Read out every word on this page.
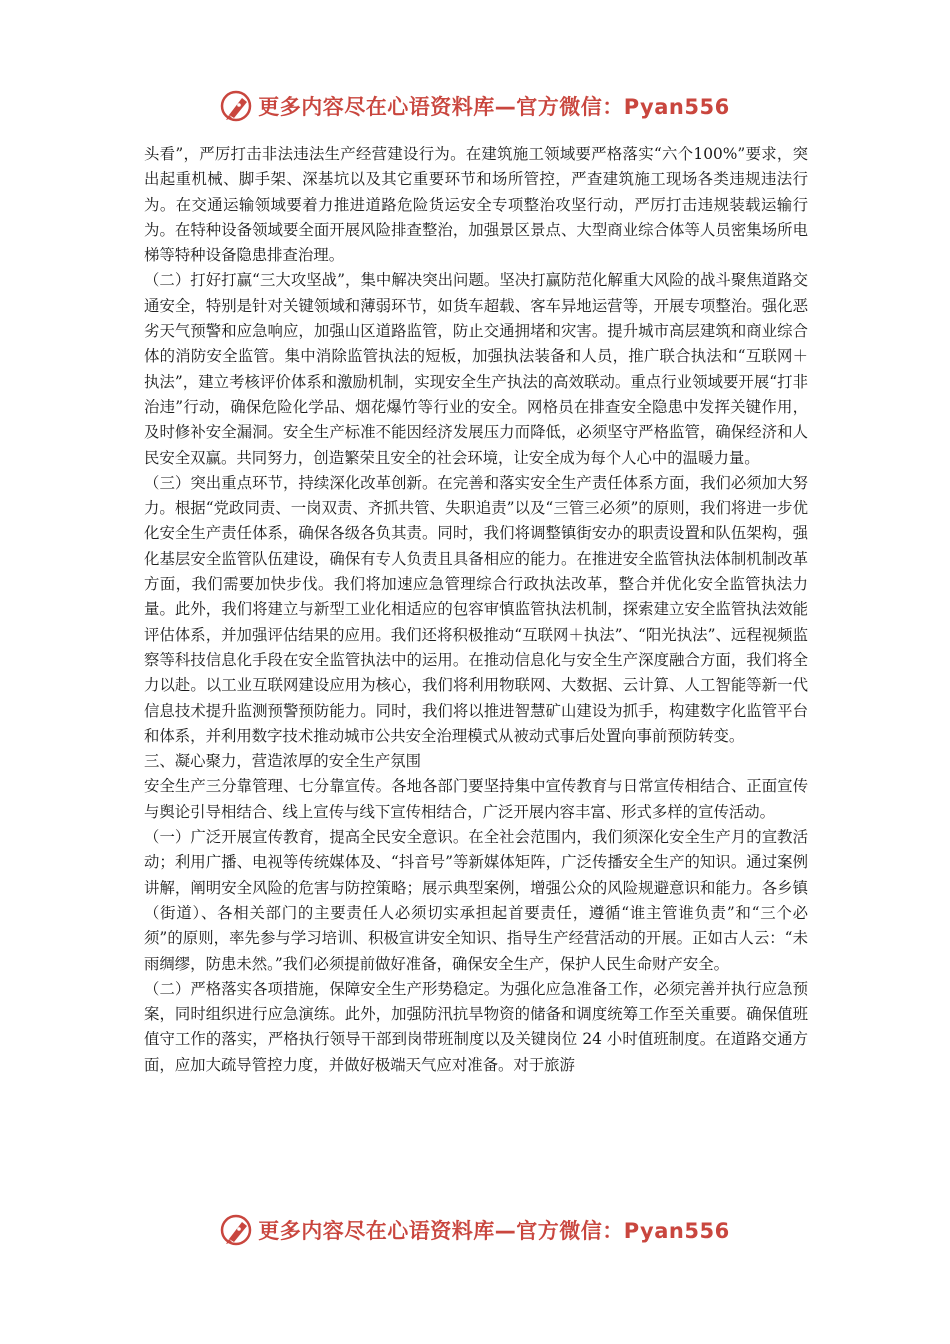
更多内容尽在心语资料库—官方微信：Pyan556

头看”，严厉打击非法违法生产经营建设行为。在建筑施工领域要严格落实“六个100%”要求，突出起重机械、脚手架、深基坑以及其它重要环节和场所管控，严查建筑施工现场各类违规违法行为。在交通运输领域要着力推进道路危险货运安全专项整治攻坚行动，严厉打击违规装载运输行为。在特种设备领域要全面开展风险排查整治，加强景区景点、大型商业综合体等人员密集场所电梯等特种设备隐患排查治理。

（二）打好打赢“三大攻坚战”，集中解决突出问题。坚决打赢防范化解重大风险的战斗聚焦道路交通安全，特别是针对关键领域和薄弱环节，如货车超载、客车异地运营等，开展专项整治。强化恶劣天气预警和应急响应，加强山区道路监管，防止交通拥堵和灾害。提升城市高层建筑和商业综合体的消防安全监管。集中消除监管执法的短板，加强执法装备和人员，推广联合执法和“互联网＋执法”，建立考核评价体系和激励机制，实现安全生产执法的高效联动。重点行业领域要开展“打非治违”行动，确保危险化学品、烟花爆竹等行业的安全。网格员在排查安全隐患中发挥关键作用，及时修补安全漏洞。安全生产标准不能因经济发展压力而降低，必须坚守严格监管，确保经济和人民安全双赢。共同努力，创造繁荣且安全的社会环境，让安全成为每个人心中的温暖力量。

（三）突出重点环节，持续深化改革创新。在完善和落实安全生产责任体系方面，我们必须加大努力。根据“党政同责、一岗双责、齐抓共管、失职追责”以及“三管三必须”的原则，我们将进一步优化安全生产责任体系，确保各级各负其责。同时，我们将调整镇街安办的职责设置和队伍架构，强化基层安全监管队伍建设，确保有专人负责且具备相应的能力。在推进安全监管执法体制机制改革方面，我们需要加快步伐。我们将加速应急管理综合行政执法改革，整合并优化安全监管执法力量。此外，我们将建立与新型工业化相适应的包容审慎监管执法机制，探索建立安全监管执法效能评估体系，并加强评估结果的应用。我们还将积极推动“互联网＋执法”、“阳光执法”、远程视频监察等科技信息化手段在安全监管执法中的运用。在推动信息化与安全生产深度融合方面，我们将全力以赴。以工业互联网建设应用为核心，我们将利用物联网、大数据、云计算、人工智能等新一代信息技术提升监测预警预防能力。同时，我们将以推进智慧矿山建设为抓手，构建数字化监管平台和体系，并利用数字技术推动城市公共安全治理模式从被动式事后处置向事前预防转变。

三、凝心聚力，营造浓厚的安全生产氛围

安全生产三分靠管理、七分靠宣传。各地各部门要坚持集中宣传教育与日常宣传相结合、正面宣传与舆论引导相结合、线上宣传与线下宣传相结合，广泛开展内容丰富、形式多样的宣传活动。

（一）广泛开展宣传教育，提高全民安全意识。在全社会范围内，我们须深化安全生产月的宣教活动；利用广播、电视等传统媒体及、“抖音号”等新媒体矩阵，广泛传播安全生产的知识。通过案例讲解，阐明安全风险的危害与防控策略；展示典型案例，增强公众的风险规避意识和能力。各乡镇（街道）、各相关部门的主要责任人必须切实承担起首要责任，遵循“谁主管谁负责”和“三个必须”的原则，率先参与学习培训、积极宣讲安全知识、指导生产经营活动的开展。正如古人云：“未雨绸缪，防患未然。”我们必须提前做好准备，确保安全生产，保护人民生命财产安全。

（二）严格落实各项措施，保障安全生产形势稳定。为强化应急准备工作，必须完善并执行应急预案，同时组织进行应急演练。此外，加强防汛抗旱物资的储备和调度统筹工作至关重要。确保值班值守工作的落实，严格执行领导干部到岗带班制度以及关键岗位 24 小时值班制度。在道路交通方面，应加大疏导管控力度，并做好极端天气应对准备。对于旅游

更多内容尽在心语资料库—官方微信：Pyan556
